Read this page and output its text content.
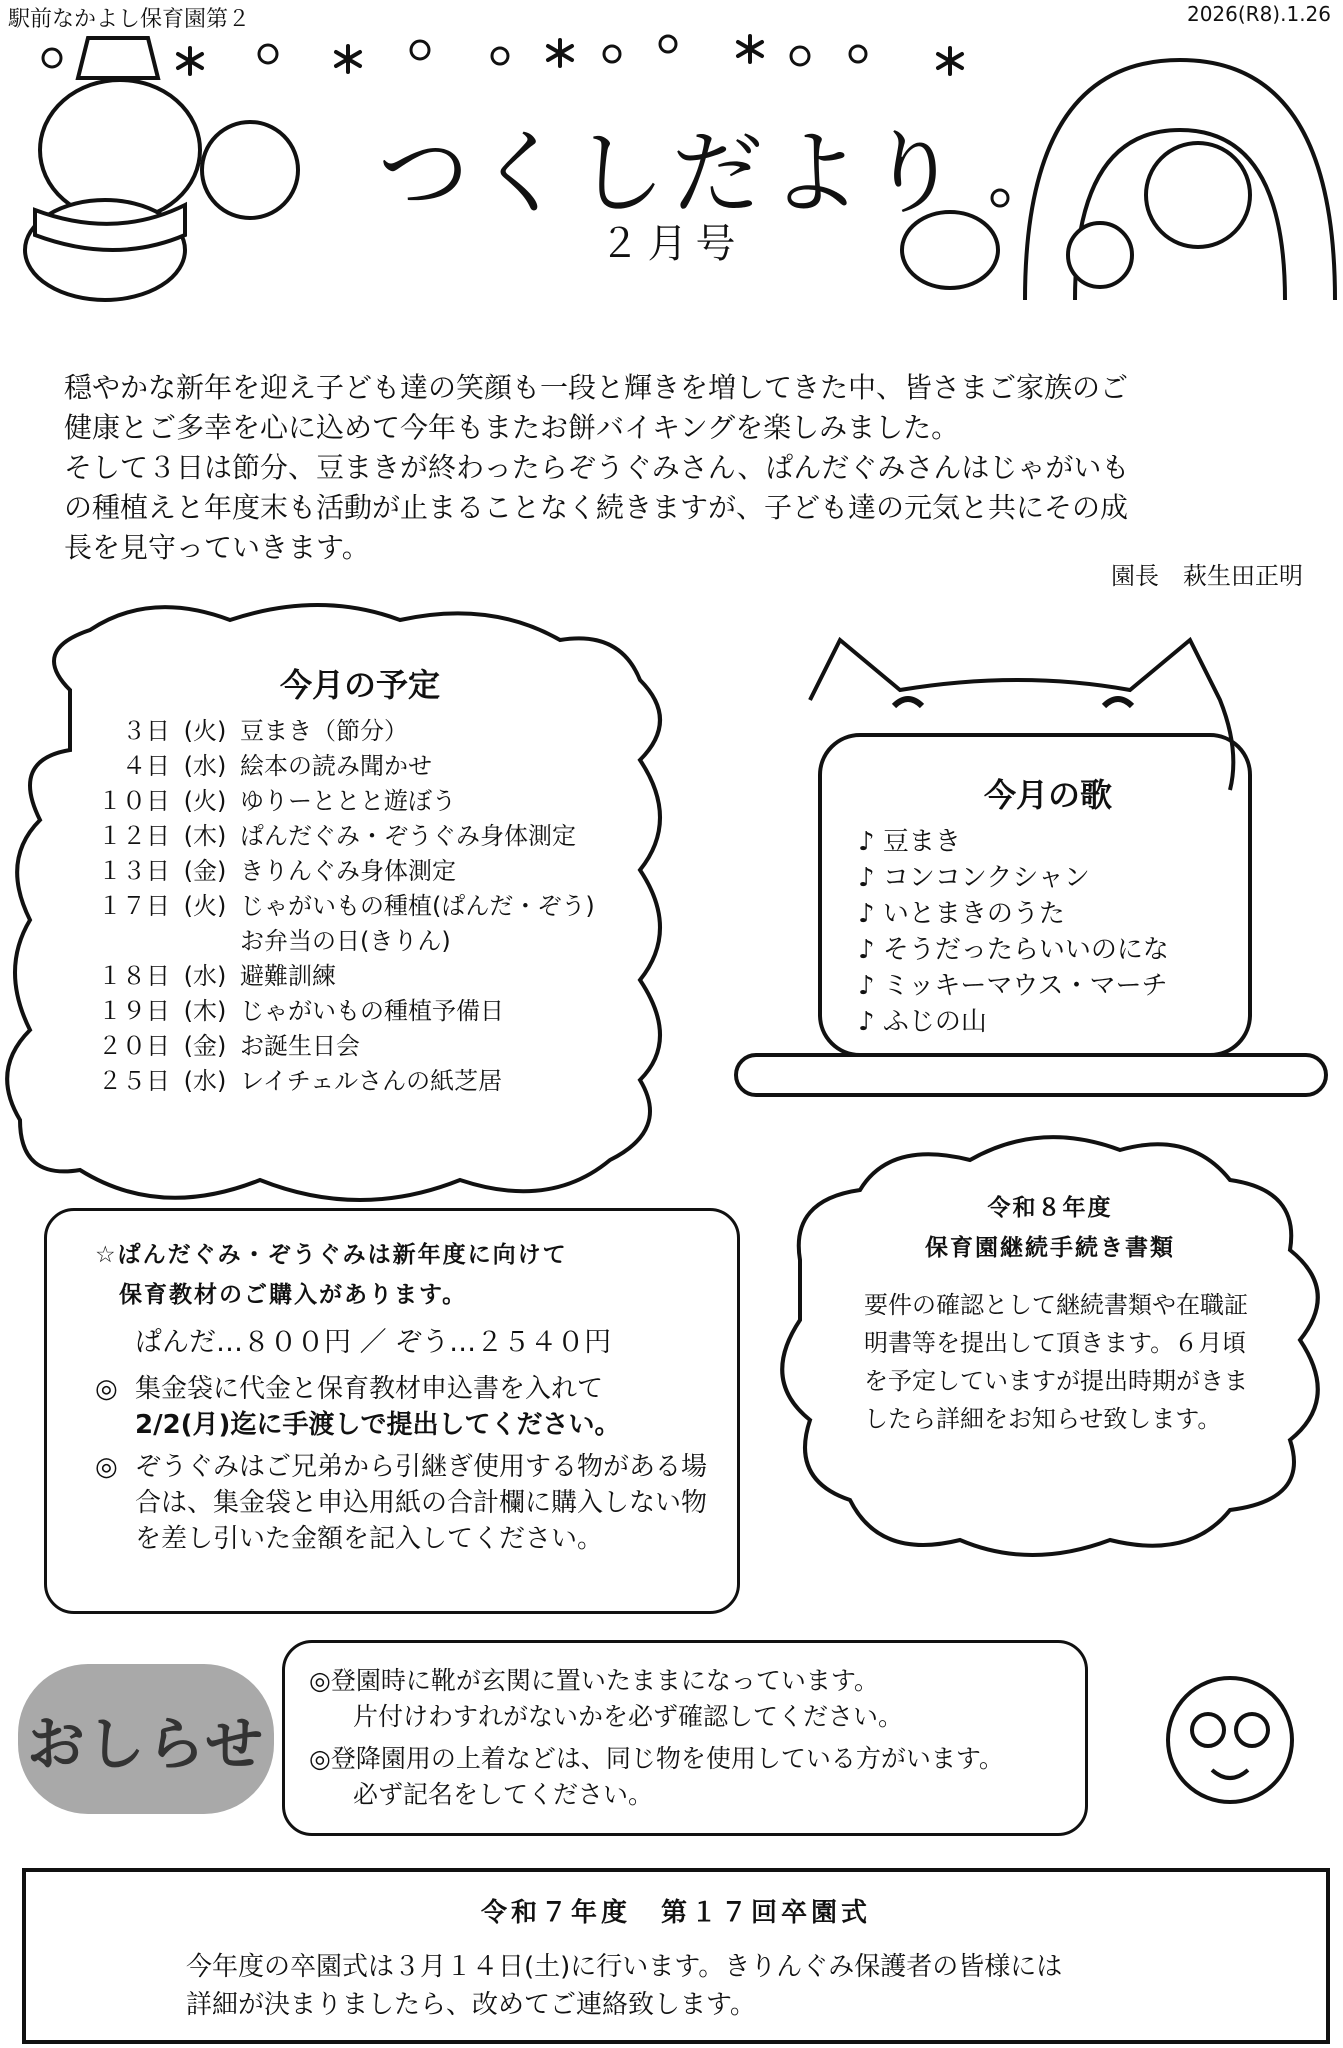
駅前なかよし保育園第２	2026(R8).1.26
つくしだより
２月号
穏やかな新年を迎え子ども達の笑顔も一段と輝きを増してきた中、皆さまご家族のご
健康とご多幸を心に込めて今年もまたお餅バイキングを楽しみました。
そして３日は節分、豆まきが終わったらぞうぐみさん、ぱんだぐみさんはじゃがいも
の種植えと年度末も活動が止まることなく続きますが、子ども達の元気と共にその成
長を見守っていきます。
園長　萩生田正明
今月の予定
３日 (火) 豆まき（節分）
４日 (水) 絵本の読み聞かせ
１０日 (火) ゆりーととと遊ぼう
１２日 (木) ぱんだぐみ・ぞうぐみ身体測定
１３日 (金) きりんぐみ身体測定
１７日 (火) じゃがいもの種植(ぱんだ・ぞう)
お弁当の日(きりん)
１８日 (水) 避難訓練
１９日 (木) じゃがいもの種植予備日
２０日 (金) お誕生日会
２５日 (水) レイチェルさんの紙芝居
今月の歌
♪ 豆まき
♪ コンコンクシャン
♪ いとまきのうた
♪ そうだったらいいのにな
♪ ミッキーマウス・マーチ
♪ ふじの山
☆ぱんだぐみ・ぞうぐみは新年度に向けて
保育教材のご購入があります。
ぱんだ…８００円 ／ ぞう…２５４０円
◎ 集金袋に代金と保育教材申込書を入れて
2/2(月)迄に手渡しで提出してください。
◎ ぞうぐみはご兄弟から引継ぎ使用する物がある場合は、集金袋と申込用紙の合計欄に購入しない物を差し引いた金額を記入してください。
令和８年度
保育園継続手続き書類
要件の確認として継続書類や在職証明書等を提出して頂きます。６月頃を予定していますが提出時期がきましたら詳細をお知らせ致します。
おしらせ
◎登園時に靴が玄関に置いたままになっています。
片付けわすれがないかを必ず確認してください。
◎登降園用の上着などは、同じ物を使用している方がいます。
必ず記名をしてください。
令和７年度　第１７回卒園式
今年度の卒園式は３月１４日(土)に行います。きりんぐみ保護者の皆様には
詳細が決まりましたら、改めてご連絡致します。
